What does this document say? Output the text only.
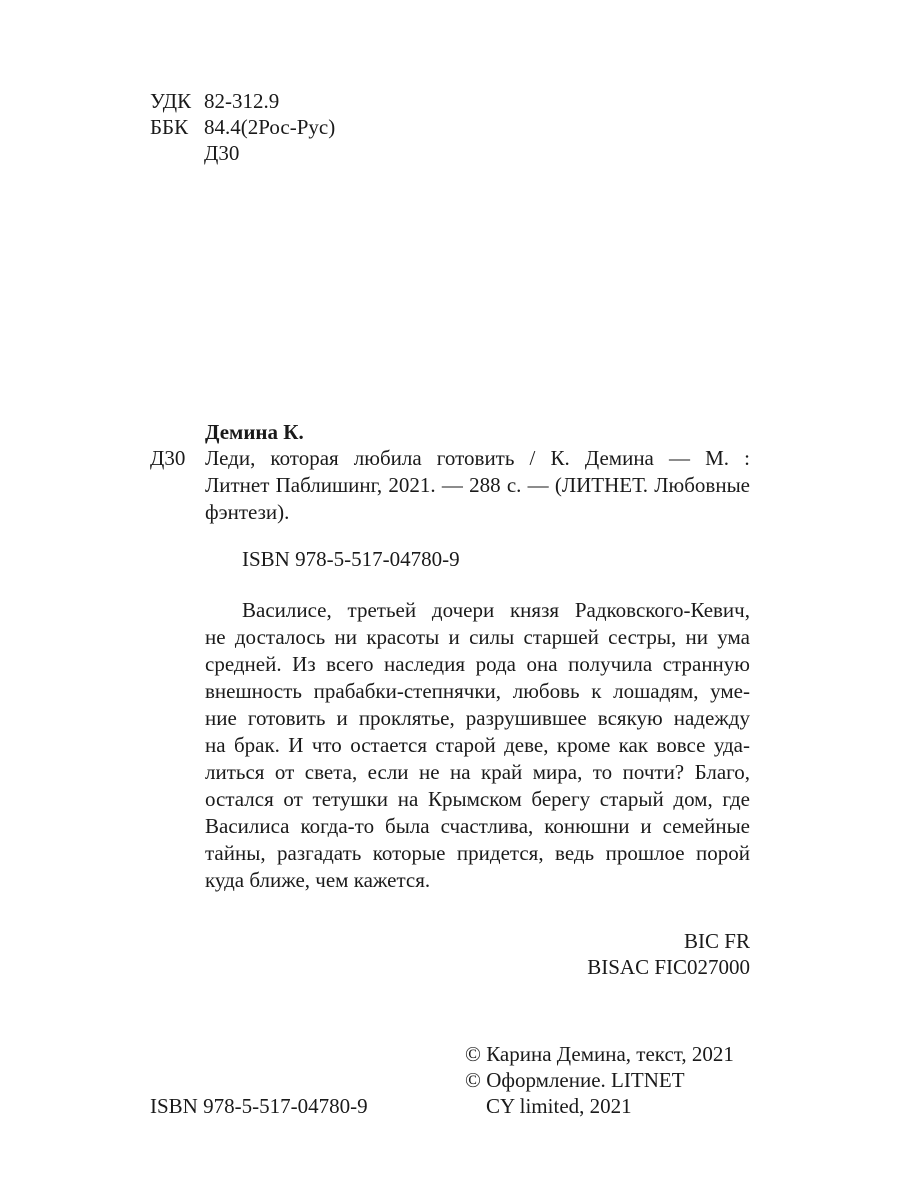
УДК 82-312.9
ББК 84.4(2Рос-Рус)
Д30
Демина К.
Д30 Леди, которая любила готовить / К. Демина — М. :
Литнет Паблишинг, 2021. — 288 с. — (ЛИТНЕТ. Любовные
фэнтези).
ISBN 978-5-517-04780-9
Василисе, третьей дочери князя Радковского-Кевич,
не досталось ни красоты и силы старшей сестры, ни ума
средней. Из всего наследия рода она получила странную
внешность прабабки-степнячки, любовь к лошадям, уме-
ние готовить и проклятье, разрушившее всякую надежду
на брак. И что остается старой деве, кроме как вовсе уда-
литься от света, если не на край мира, то почти? Благо,
остался от тетушки на Крымском берегу старый дом, где
Василиса когда-то была счастлива, конюшни и семейные
тайны, разгадать которые придется, ведь прошлое порой
куда ближе, чем кажется.
BIC FR
BISAC FIC027000
ISBN 978-5-517-04780-9
© Карина Демина, текст, 2021
© Оформление. LITNET
CY limited, 2021
